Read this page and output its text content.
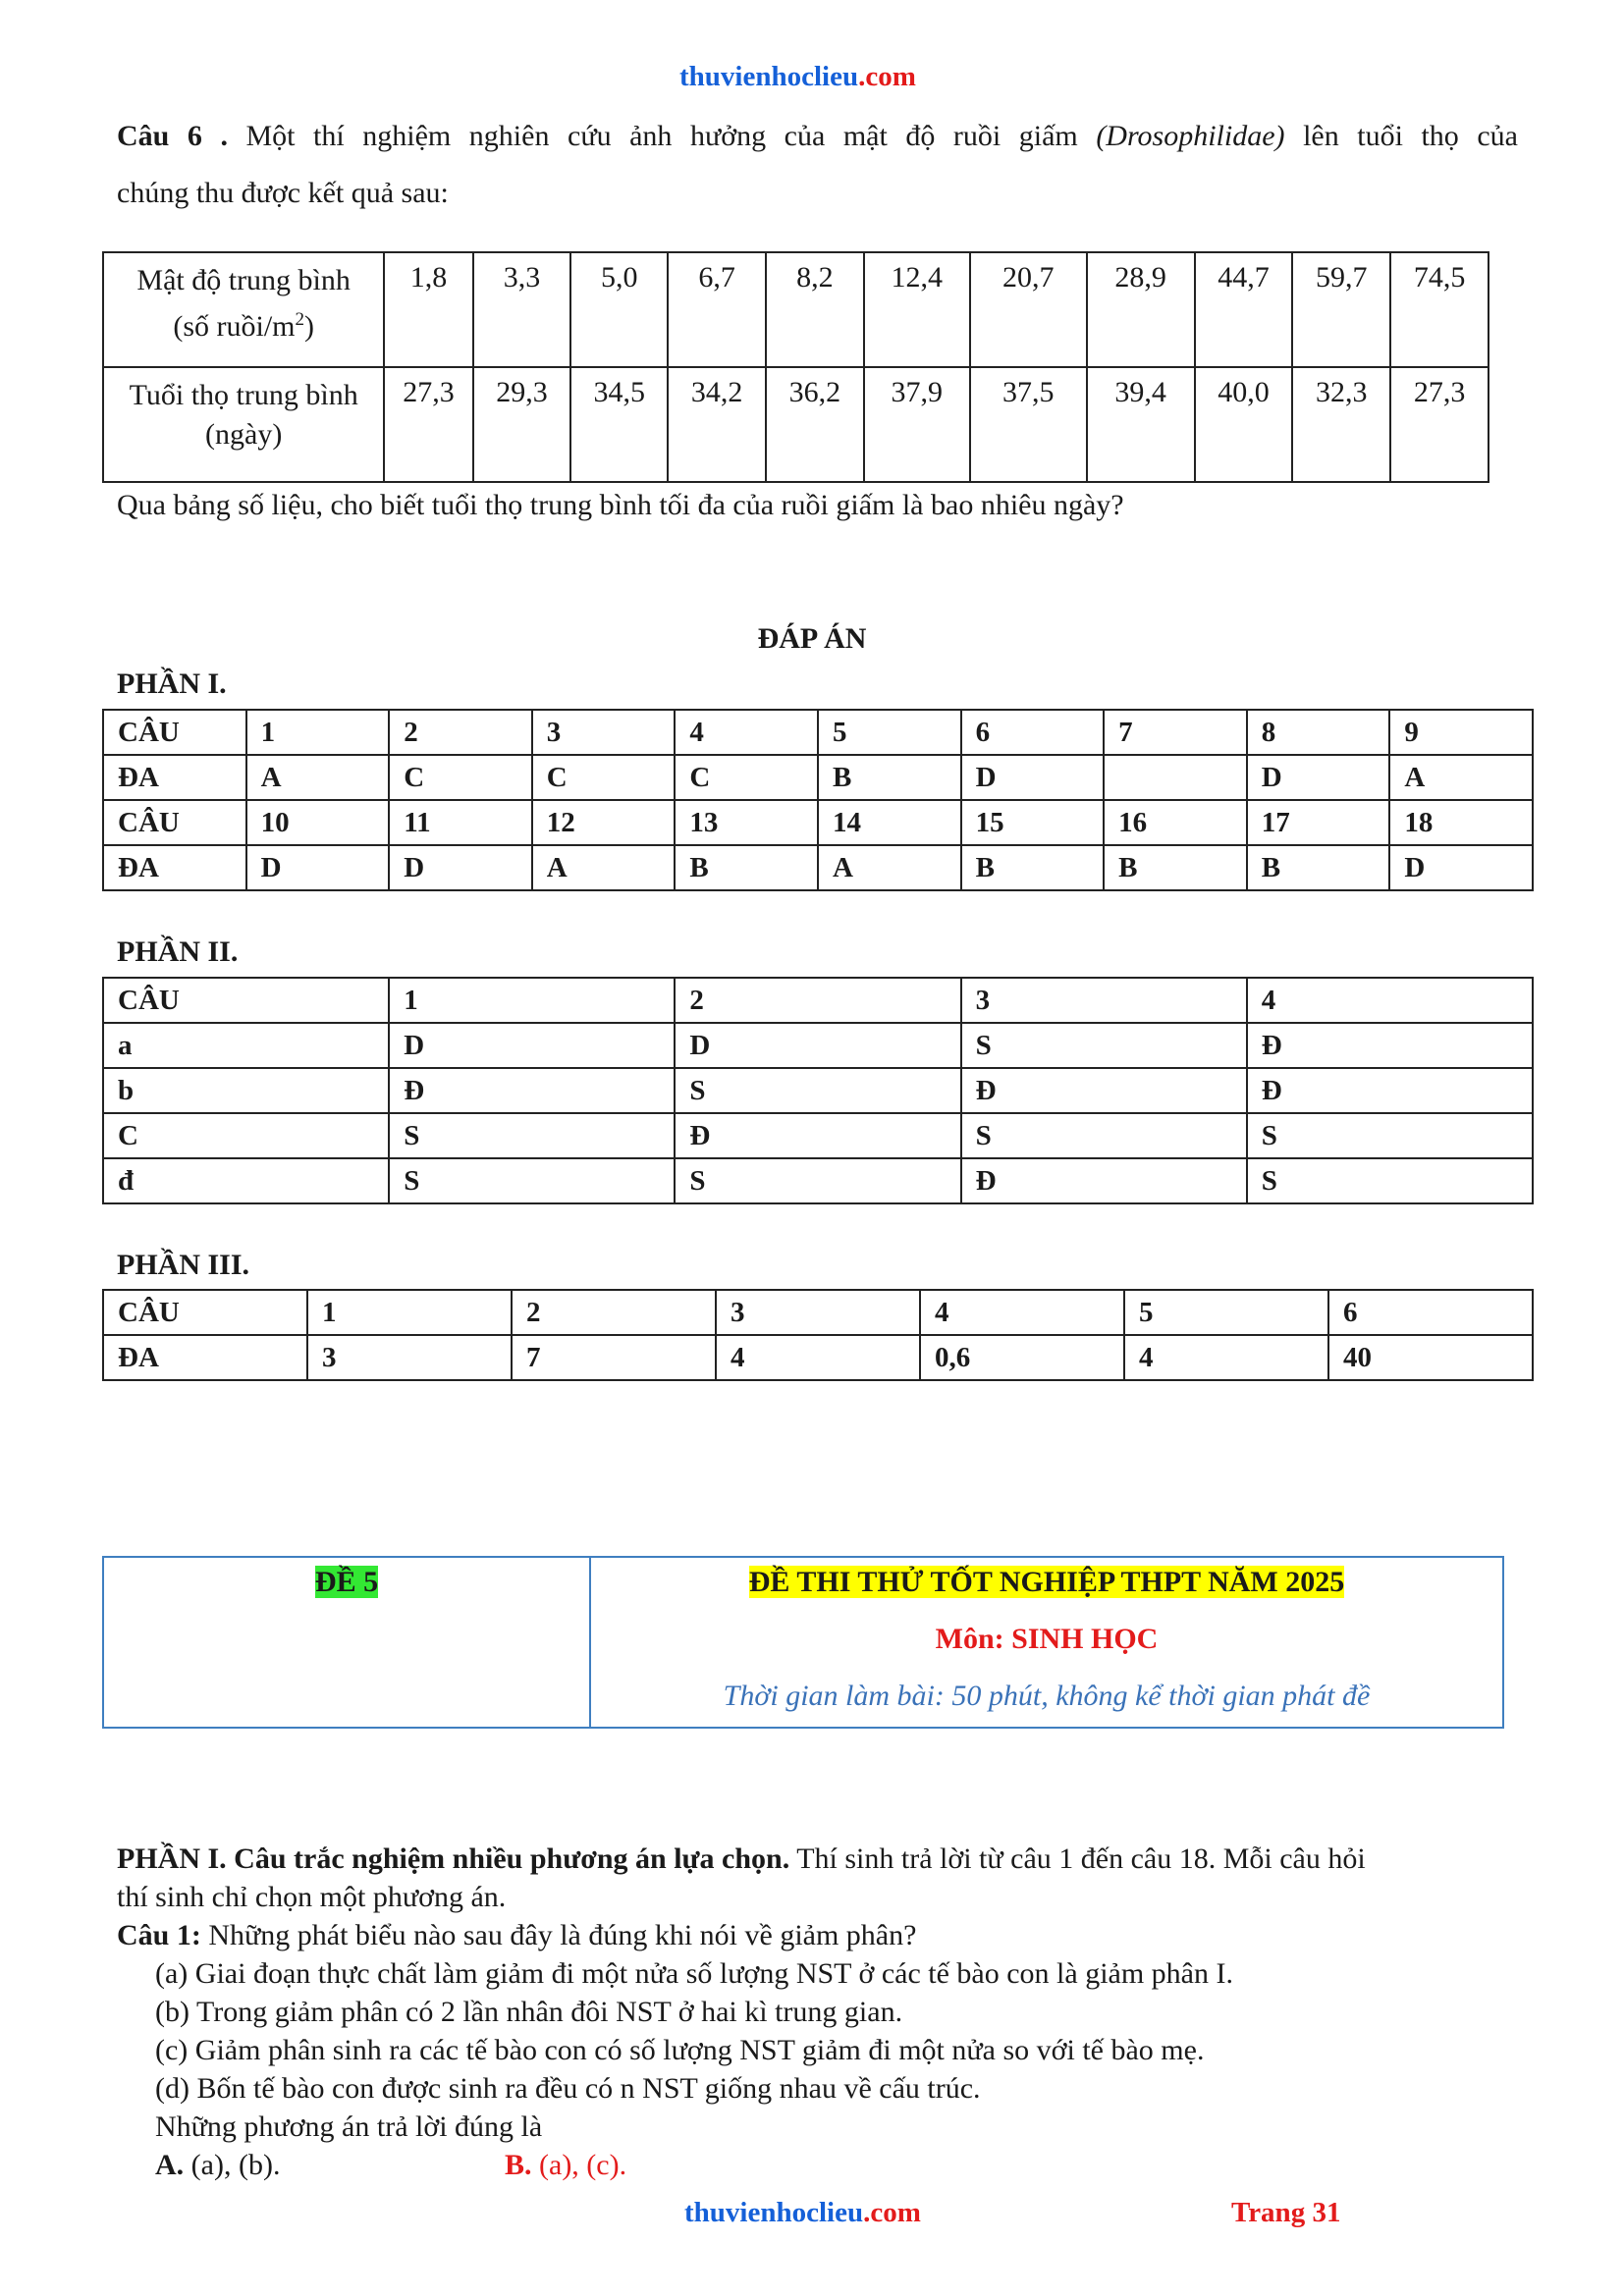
thuvienhoclieu.com
Câu 6 . Một thí nghiệm nghiên cứu ảnh hưởng của mật độ ruồi giấm (Drosophilidae) lên tuổi thọ của
chúng thu được kết quả sau:
Mật độ trung bình
(số ruồi/$m^2$)	1,8	3,3	5,0	6,7	8,2	12,4	20,7	28,9	44,7	59,7	74,5
Tuổi thọ trung bình
(ngày)	27,3	29,3	34,5	34,2	36,2	37,9	37,5	39,4	40,0	32,3	27,3
Qua bảng số liệu, cho biết tuổi thọ trung bình tối đa của ruồi giấm là bao nhiêu ngày?
ĐÁP ÁN
PHẦN I.
CÂU	1	2	3	4	5	6	7	8	9
ĐA	A	C	C	C	B	D		D	A
CÂU	10	11	12	13	14	15	16	17	18
ĐA	D	D	A	B	A	B	B	B	D
PHẦN II.
CÂU	1	2	3	4
a	D	D	S	Đ
b	Đ	S	Đ	Đ
C	S	Đ	S	S
đ	S	S	Đ	S
PHẦN III.
CÂU	1	2	3	4	5	6
ĐA	3	7	4	0,6	4	40
ĐỀ 5	ĐỀ THI THỬ TỐT NGHIỆP THPT NĂM 2025
Môn: SINH HỌC
Thời gian làm bài: 50 phút, không kể thời gian phát đề
PHẦN I. Câu trắc nghiệm nhiều phương án lựa chọn. Thí sinh trả lời từ câu 1 đến câu 18. Mỗi câu hỏi
thí sinh chỉ chọn một phương án.
Câu 1: Những phát biểu nào sau đây là đúng khi nói về giảm phân?
(a) Giai đoạn thực chất làm giảm đi một nửa số lượng NST ở các tế bào con là giảm phân I.
(b) Trong giảm phân có 2 lần nhân đôi NST ở hai kì trung gian.
(c) Giảm phân sinh ra các tế bào con có số lượng NST giảm đi một nửa so với tế bào mẹ.
(d) Bốn tế bào con được sinh ra đều có n NST giống nhau về cấu trúc.
Những phương án trả lời đúng là
A. (a), (b).	B. (a), (c).
thuvienhoclieu.com	Trang 31
